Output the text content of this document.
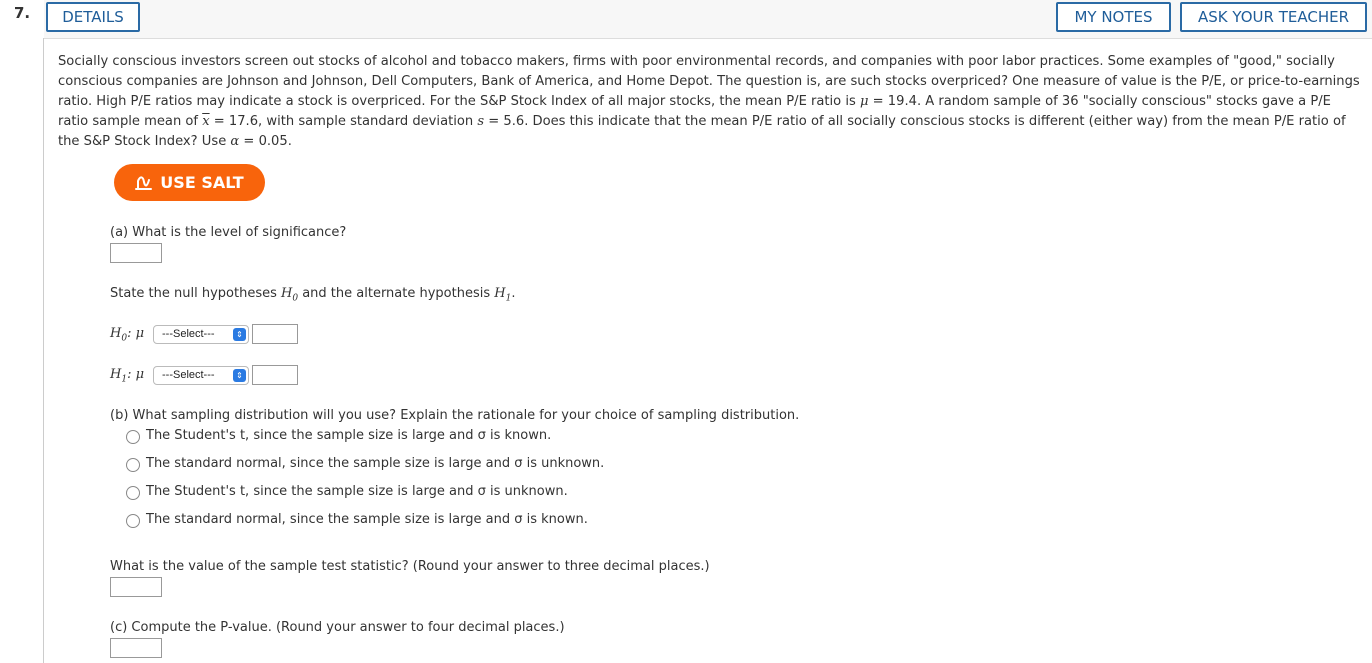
7.	DETAILS	MY NOTES	ASK YOUR TEACHER
Socially conscious investors screen out stocks of alcohol and tobacco makers, firms with poor environmental records, and companies with poor labor practices. Some examples of "good," socially conscious companies are Johnson and Johnson, Dell Computers, Bank of America, and Home Depot. The question is, are such stocks overpriced? One measure of value is the P/E, or price-to-earnings ratio. High P/E ratios may indicate a stock is overpriced. For the S&P Stock Index of all major stocks, the mean P/E ratio is μ = 19.4. A random sample of 36 "socially conscious" stocks gave a P/E ratio sample mean of $\overline{x} = 17.6$, with sample standard deviation s = 5.6. Does this indicate that the mean P/E ratio of all socially conscious stocks is different (either way) from the mean P/E ratio of the S&P Stock Index? Use α = 0.05.
USE SALT
(a) What is the level of significance?
State the null hypotheses $H_0$ and the alternate hypothesis $H_1$.
$H_0$: μ	---Select---	⇕
$H_1$: μ	---Select---	⇕
(b) What sampling distribution will you use? Explain the rationale for your choice of sampling distribution.
The Student's t, since the sample size is large and σ is known.
The standard normal, since the sample size is large and σ is unknown.
The Student's t, since the sample size is large and σ is unknown.
The standard normal, since the sample size is large and σ is known.
What is the value of the sample test statistic? (Round your answer to three decimal places.)
(c) Compute the P-value. (Round your answer to four decimal places.)
